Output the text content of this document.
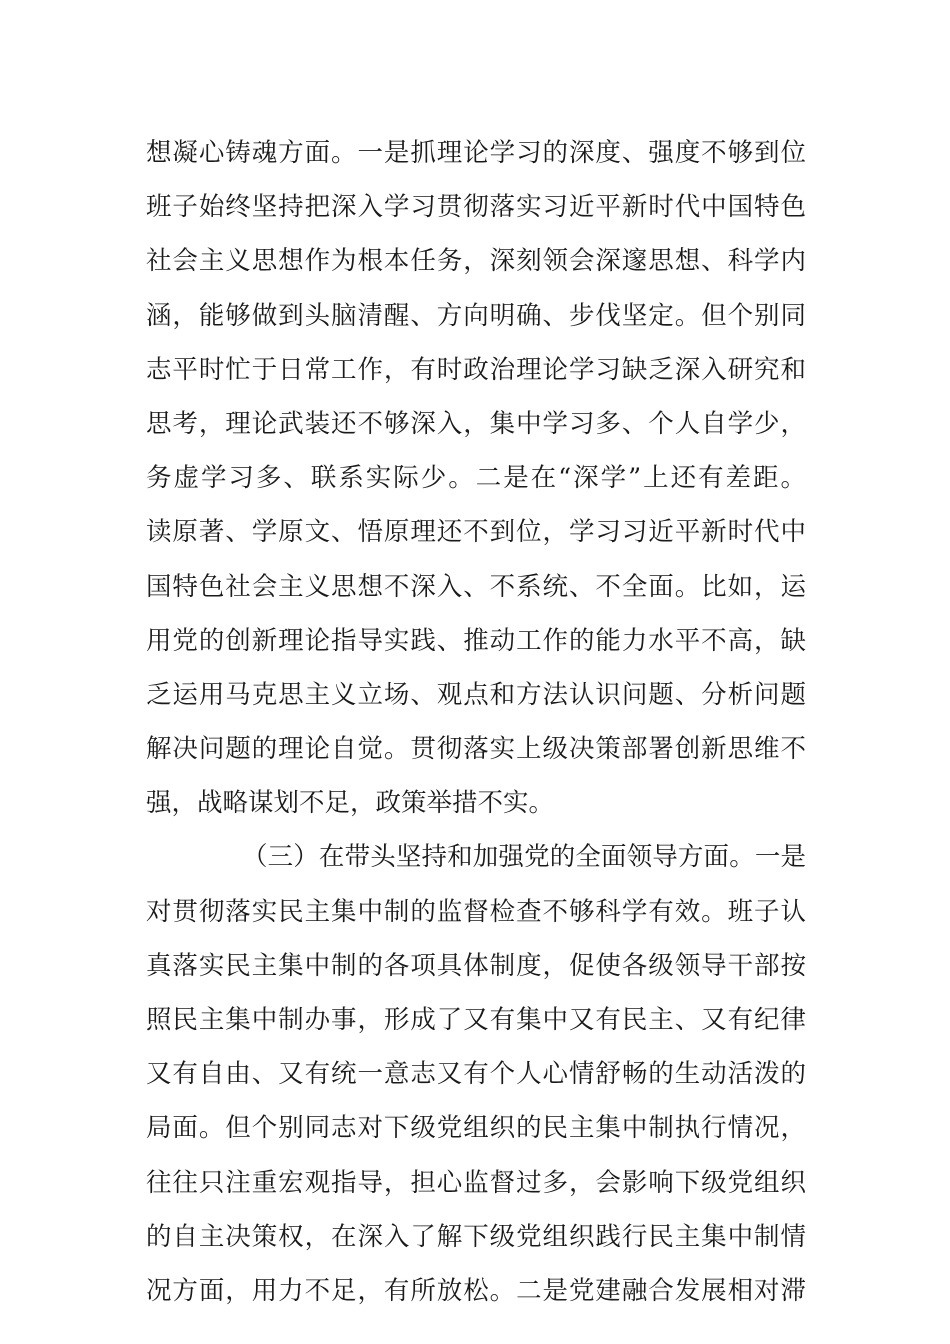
想凝心铸魂方面。一是抓理论学习的深度、强度不够到位
班子始终坚持把深入学习贯彻落实习近平新时代中国特色
社会主义思想作为根本任务，深刻领会深邃思想、科学内
涵，能够做到头脑清醒、方向明确、步伐坚定。但个别同
志平时忙于日常工作，有时政治理论学习缺乏深入研究和
思考，理论武装还不够深入，集中学习多、个人自学少，
务虚学习多、联系实际少。二是在“深学”上还有差距。
读原著、学原文、悟原理还不到位，学习习近平新时代中
国特色社会主义思想不深入、不系统、不全面。比如，运
用党的创新理论指导实践、推动工作的能力水平不高，缺
乏运用马克思主义立场、观点和方法认识问题、分析问题
解决问题的理论自觉。贯彻落实上级决策部署创新思维不
强，战略谋划不足，政策举措不实。
（三）在带头坚持和加强党的全面领导方面。一是
对贯彻落实民主集中制的监督检查不够科学有效。班子认
真落实民主集中制的各项具体制度，促使各级领导干部按
照民主集中制办事，形成了又有集中又有民主、又有纪律
又有自由、又有统一意志又有个人心情舒畅的生动活泼的
局面。但个别同志对下级党组织的民主集中制执行情况，
往往只注重宏观指导，担心监督过多，会影响下级党组织
的自主决策权，在深入了解下级党组织践行民主集中制情
况方面，用力不足，有所放松。二是党建融合发展相对滞
